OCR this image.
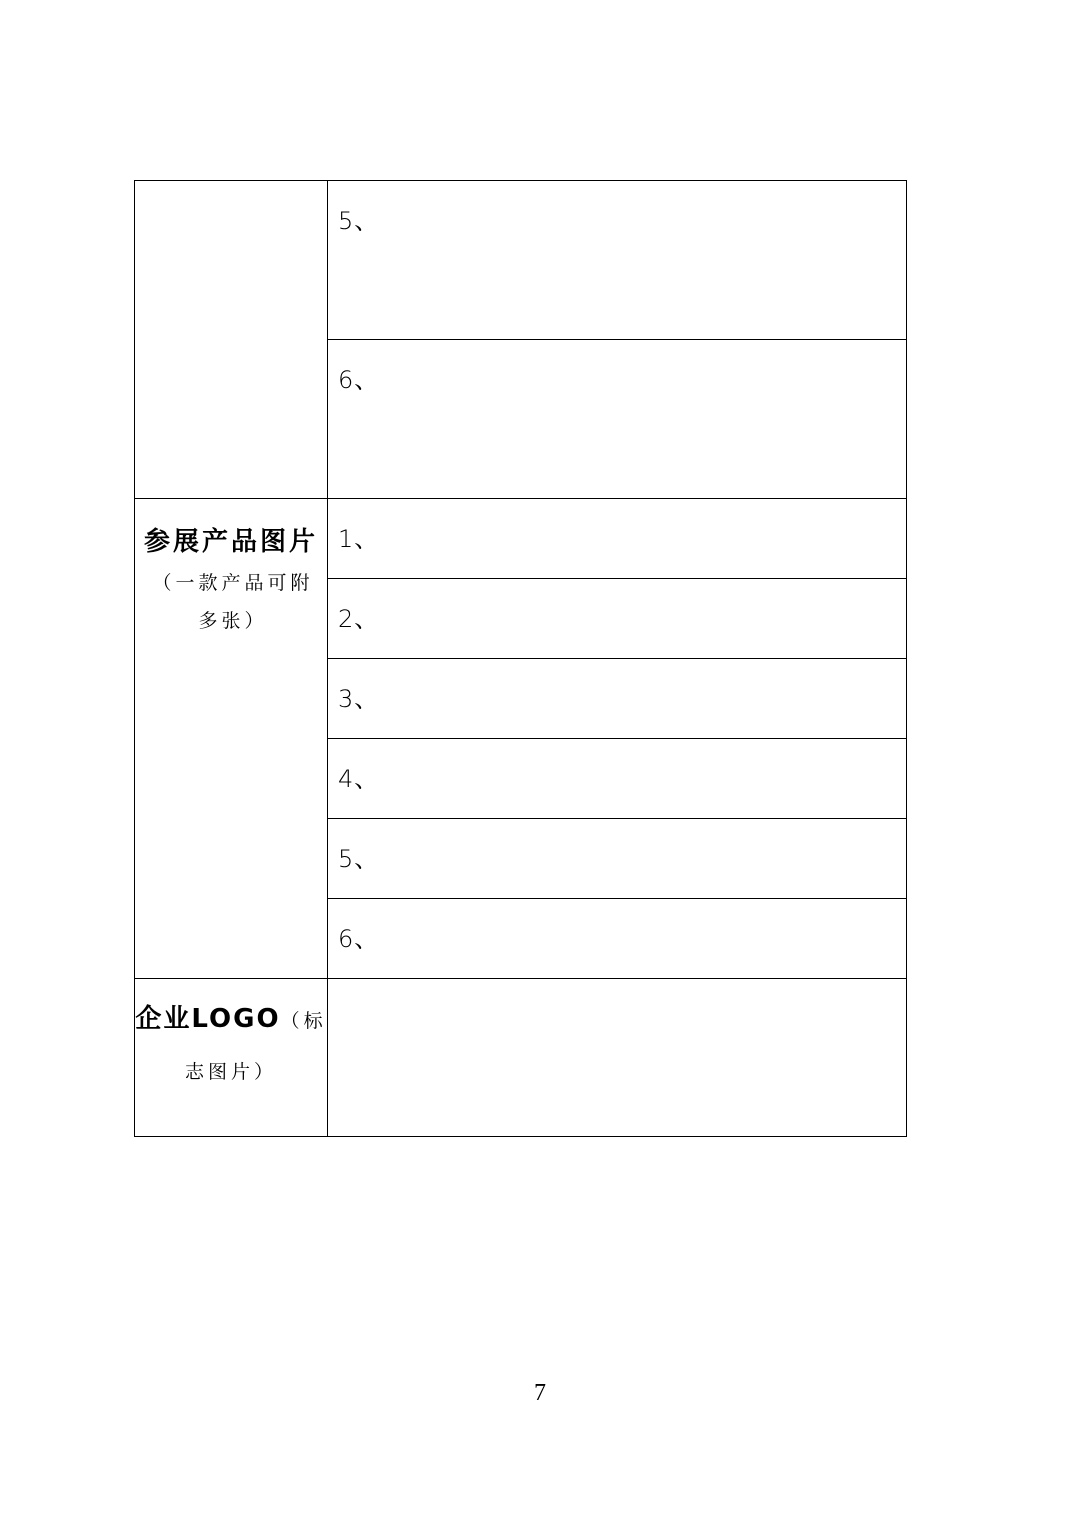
	5、

	6、

参展产品图片
（一款产品可附多张）	1、

	2、

	3、

	4、

	5、

	6、

企业LOGO（标
志图片）	

7
